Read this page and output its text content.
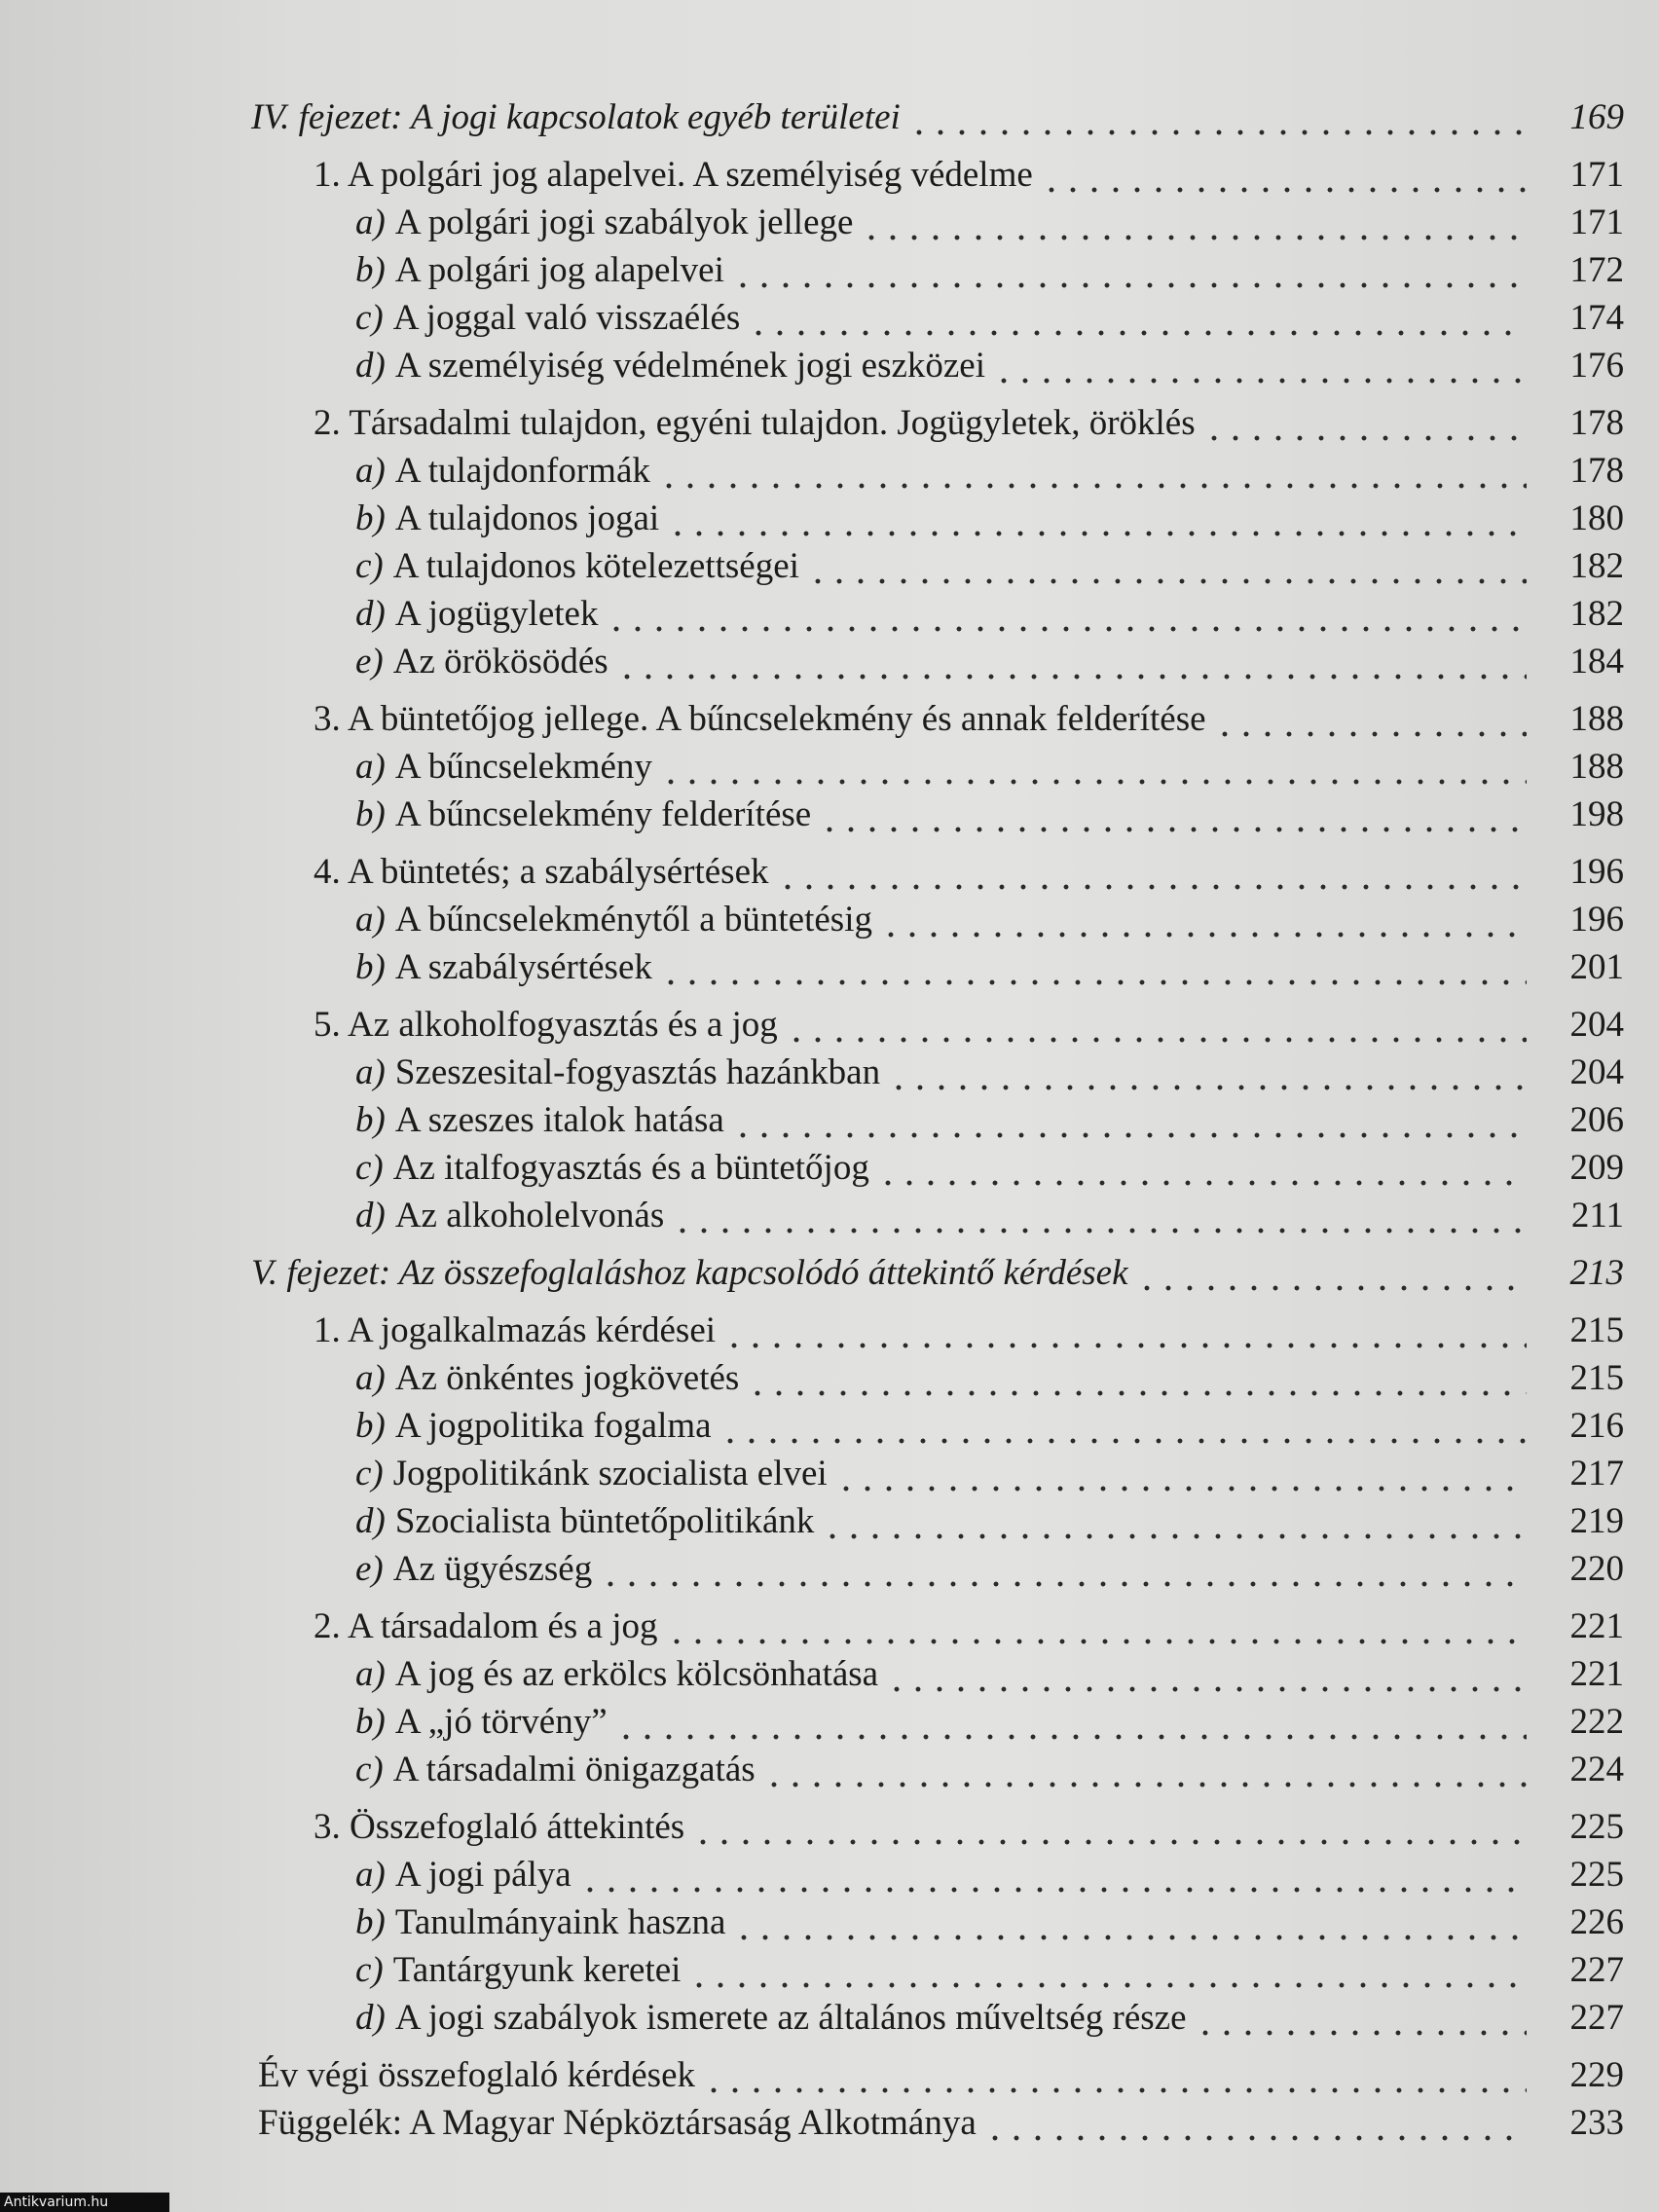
IV. fejezet: A jogi kapcsolatok egyéb területei	169
1. A polgári jog alapelvei. A személyiség védelme	171
a) A polgári jogi szabályok jellege	171
b) A polgári jog alapelvei	172
c) A joggal való visszaélés	174
d) A személyiség védelmének jogi eszközei	176
2. Társadalmi tulajdon, egyéni tulajdon. Jogügyletek, öröklés	178
a) A tulajdonformák	178
b) A tulajdonos jogai	180
c) A tulajdonos kötelezettségei	182
d) A jogügyletek	182
e) Az örökösödés	184
3. A büntetőjog jellege. A bűncselekmény és annak felderítése	188
a) A bűncselekmény	188
b) A bűncselekmény felderítése	198
4. A büntetés; a szabálysértések	196
a) A bűncselekménytől a büntetésig	196
b) A szabálysértések	201
5. Az alkoholfogyasztás és a jog	204
a) Szeszesital-fogyasztás hazánkban	204
b) A szeszes italok hatása	206
c) Az italfogyasztás és a büntetőjog	209
d) Az alkoholelvonás	211
V. fejezet: Az összefoglaláshoz kapcsolódó áttekintő kérdések	213
1. A jogalkalmazás kérdései	215
a) Az önkéntes jogkövetés	215
b) A jogpolitika fogalma	216
c) Jogpolitikánk szocialista elvei	217
d) Szocialista büntetőpolitikánk	219
e) Az ügyészség	220
2. A társadalom és a jog	221
a) A jog és az erkölcs kölcsönhatása	221
b) A „jó törvény”	222
c) A társadalmi önigazgatás	224
3. Összefoglaló áttekintés	225
a) A jogi pálya	225
b) Tanulmányaink haszna	226
c) Tantárgyunk keretei	227
d) A jogi szabályok ismerete az általános műveltség része	227
Év végi összefoglaló kérdések	229
Függelék: A Magyar Népköztársaság Alkotmánya	233
Antikvarium.hu
